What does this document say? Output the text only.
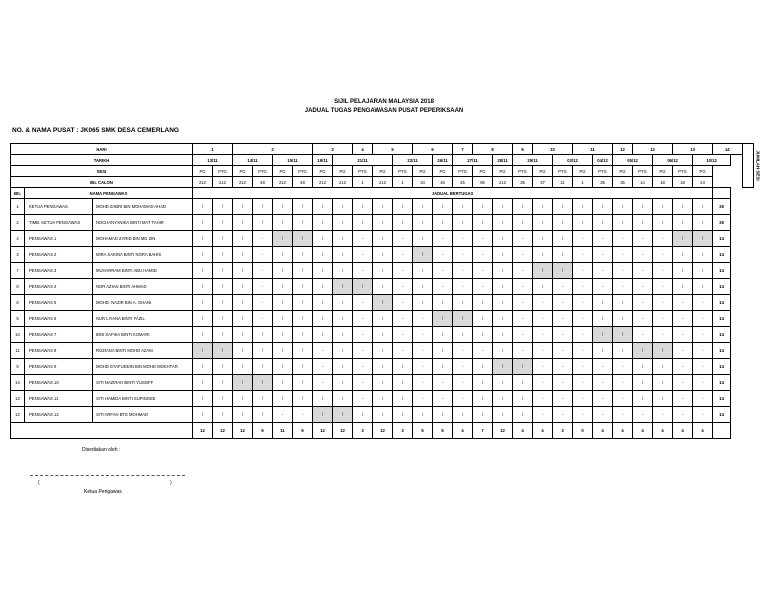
SIJIL PELAJARAN MALAYSIA 2018
JADUAL TUGAS PENGAWASAN PUSAT PEPERIKSAAN
NO. & NAMA PUSAT : JK065 SMK DESA CEMERLANG
HARI			1		2				3		4	5		6		7	8		9	10		11		12	12		13		14	JUMLAH SESI
TARIKH			13/11		14/11		15/11		19/11	21/11			22/11		26/11	27/11		28/11	29/11		03/12		04/12	05/12		06/12		10/12		
SESI			PG	PTG	PG	PTG	PG	PTG	PG	PG	PTG	PG	PTG	PG	PG	PTG	PG	PG	PTG	PG	PTG	PG	PTG	PG	PTG	PG	PTG	PG		
BIL CALON			212	212	212	48	212	48	212	212	1	212	1	34	45	45	86	212	35	37	11	1	35	35	14	18	18	24		
BIL	NAMA PENGAWAS		JADUAL BERTUGAS																											
1	KETUA PENGAWAS	MOHD ZABRI BIN MOHAMAD AHAD	/	/	/	/	/	/	/	/	/	/	/	/	/	/	/	/	/	/	/	/	/	/	/	/	/	/	26	
2	TIMB. KETUA PENGAWAS	NOCHANYANIKA BINTI MAT TAHIR	/	/	/	/	/	/	/	/	/	/	/	/	/	/	/	/	/	/	/	/	/	/	/	/	/	/	26	
4	PENGAWAS 1	MOHAMAD ZARID BIN MD ZIN	/	/	/	-	/	/	/	/	-	/	-	/	-	-	-	/	-	/	/	-	-	-	-	-	/	/	14	
3	PENGAWAS 2	MIRA SAKINA BINTI NORA BAHIS	/	/	/	-	/	/	/	/	-	/	-	/	-	-	-	/	-	/	/	-	-	-	-	-	/	/	14	
7	PENGAWAS 3	MUHARRAM BINTI ABU HAMID	/	/	/	-	/	/	/	/	-	/	-	/	-	-	-	/	-	/	/	-	-	-	-	-	/	/	14	
8	PENGAWAS 4	NOR AZIAN BINTI AHMAD	/	/	/	-	/	/	/	/	/	/	-	/	-	-	-	/	-	/	-	-	-	-	-	-	/	/	14	
6	PENGAWAS 5	MOHD. NAZIR BIN A. GHANI	/	/	/	-	/	/	/	/	-	/	-	/	/	/	/	/	-	-	-	-	/	/	-	-	-	-	14	
5	PENGAWAS 6	NUR LIYANA BINTI FAZIL	/	/	/	-	/	/	/	/	-	/	-	-	/	/	/	/	-	-	-	-	/	/	-	-	-	-	14	
10	PENGAWAS 7	BINI SAFIKA BINTI KOMARI	/	/	/	/	/	/	/	/	-	/	-	-	/	/	/	/	-	-	-	-	/	/	-	-	-	-	14	
11	PENGAWAS 8	ROZIANA BINTI MOHD AZAM	/	/	/	/	/	/	-	/	-	/	-	-	/	-	-	/	-	-	-	-	/	/	/	/	-	-	14	
9	PENGAWAS 9	MOHD SYAFUDDIN BIN MOHD MOKHTAR	/	/	/	/	/	/	-	/	-	/	/	-	/	-	/	/	/	-	-	-	-	-	/	/	-	-	14	
14	PENGAWAS 10	SITI NAZIRAH BINTI YUSOFF	/	/	/	/	/	/	-	/	-	/	/	-	-	-	/	/	/	-	-	-	-	-	/	/	-	-	14	
13	PENGAWAS 11	SITI HAMIDA BINTI SUPINGEE	/	/	/	/	/	/	/	/	-	/	/	-	-	-	/	/	/	-	-	-	-	-	/	/	-	-	14	
12	PENGAWAS 12	SITI ARFAH BTE MOHMAD	/	/	/	/	-	-	/	/	/	/	/	/	/	/	/	/	/	-	-	-	-	-	-	-	-	-	14	
			12	12	12	6	11	6	12	12	3	12	3	5	5	4	7	12	4	4	3	0	4	4	4	4	4	4		
Disediakan oleh :
(	)
Ketua Pengawas
